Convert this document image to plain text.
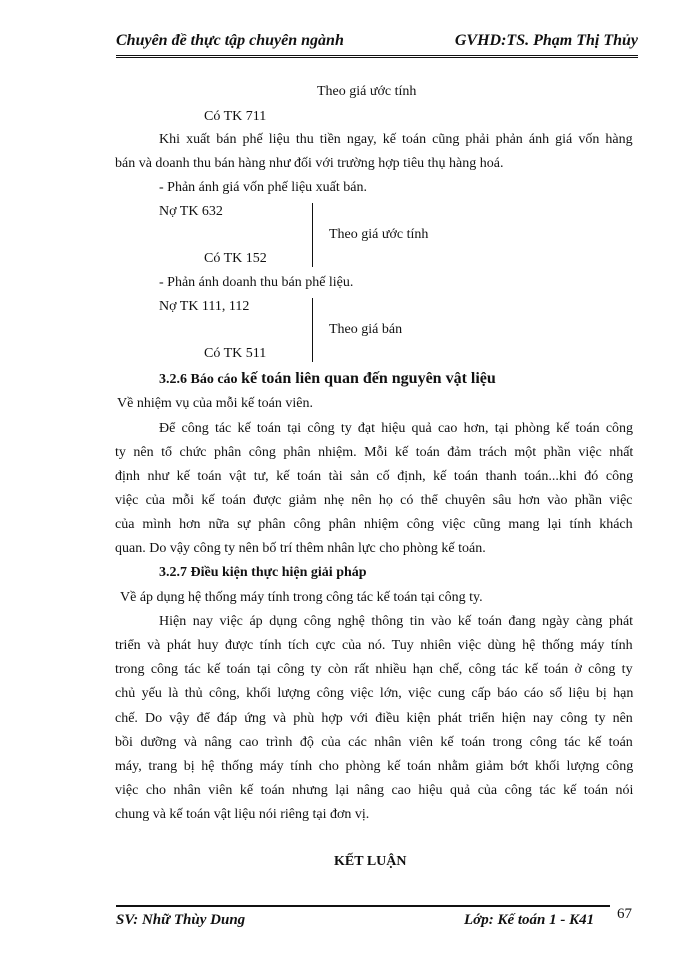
Chuyên đề thực tập chuyên ngành	GVHD:TS. Phạm Thị Thủy
Theo giá ước tính
Có TK 711
Khi xuất bán phế liệu thu tiền ngay, kế toán cũng phải phản ánh giá vốn hàng
bán và doanh thu bán hàng như đối với trường hợp tiêu thụ hàng hoá.
- Phản ánh giá vốn phế liệu xuất bán.
Nợ TK 632
Theo giá ước tính
Có TK 152
- Phản ánh doanh thu bán phế liệu.
Nợ TK 111, 112
Theo giá bán
Có TK 511
3.2.6 Báo cáo kế toán liên quan đến nguyên vật liệu
Về nhiệm vụ của mỗi kế toán viên.
Để công tác kế toán tại công ty đạt hiệu quả cao hơn, tại phòng kế toán công
ty nên tổ chức phân công phân nhiệm. Mỗi kế toán đảm trách một phần việc nhất
định như kế toán vật tư, kế toán tài sản cố định, kế toán thanh toán...khi đó công
việc của mỗi kế toán được giảm nhẹ nên họ có thể chuyên sâu hơn vào phần việc
của mình hơn nữa sự phân công phân nhiệm công việc cũng mang lại tính khách
quan. Do vậy công ty nên bố trí thêm nhân lực cho phòng kế toán.
3.2.7 Điều kiện thực hiện giải pháp
Về áp dụng hệ thống máy tính trong công tác kế toán tại công ty.
Hiện nay việc áp dụng công nghệ thông tin vào kế toán đang ngày càng phát
triển và phát huy được tính tích cực của nó. Tuy nhiên việc dùng hệ thống máy tính
trong công tác kế toán tại công ty còn rất nhiều hạn chế, công tác kế toán ở công ty
chủ yếu là thủ công, khối lượng công việc lớn, việc cung cấp báo cáo số liệu bị hạn
chế. Do vậy để đáp ứng và phù hợp với điều kiện phát triển hiện nay công ty nên
bồi dưỡng và nâng cao trình độ của các nhân viên kế toán trong công tác kế toán
máy, trang bị hệ thống máy tính cho phòng kế toán nhằm giảm bớt khối lượng công
việc cho nhân viên kế toán nhưng lại nâng cao hiệu quả của công tác kế toán nói
chung và kế toán vật liệu nói riêng tại đơn vị.
KẾT LUẬN
SV: Nhữ Thùy Dung	Lớp: Kế toán 1 - K41 67
